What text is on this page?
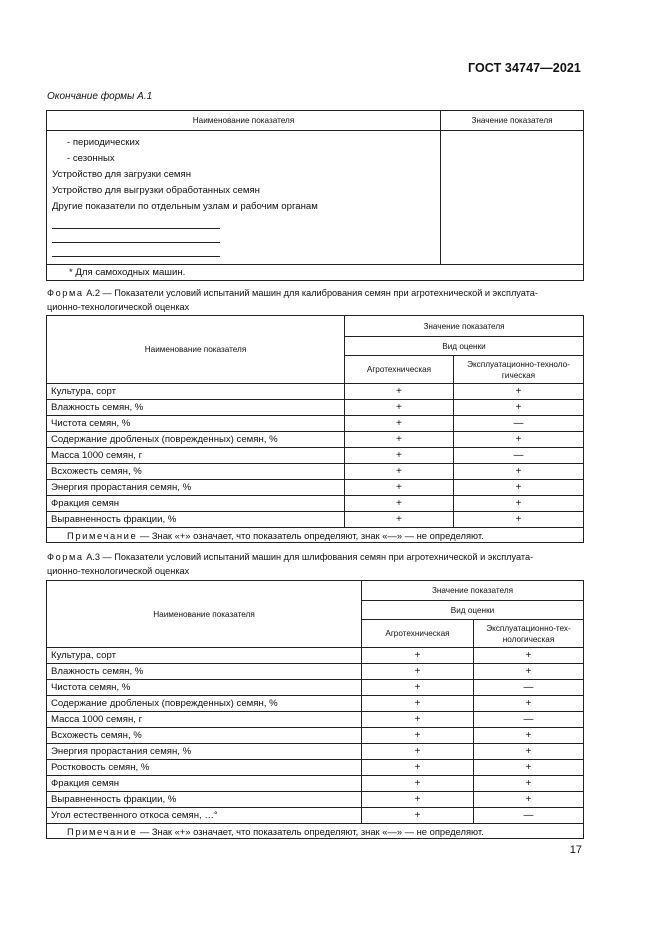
ГОСТ 34747—2021
Окончание формы А.1
Наименование показателя	Значение показателя

- периодических
- сезонных
Устройство для загрузки семян
Устройство для выгрузки обработанных семян
Другие показатели по отдельным узлам и рабочим органам	

* Для самоходных машин.	
Форма А.2 — Показатели условий испытаний машин для калибрования семян при агротехнической и эксплуата-
ционно-технологической оценках
Наименование показателя	Значение показателя	
	Вид оценки	
	Агротехническая	Эксплуатационно-техноло-
гическая
Культура, сорт	+	+
Влажность семян, %	+	+
Чистота семян, %	+	—
Содержание дробленых (поврежденных) семян, %	+	+
Масса 1000 семян, г	+	—
Всхожесть семян, %	+	+
Энергия прорастания семян, %	+	+
Фракция семян	+	+
Выравненность фракции, %	+	+
Примечание — Знак «+» означает, что показатель определяют, знак «—» — не определяют.		
Форма А.3 — Показатели условий испытаний машин для шлифования семян при агротехнической и эксплуата-
ционно-технологической оценках
Наименование показателя	Значение показателя	
	Вид оценки	
	Агротехническая	Эксплуатационно-тех-
нологическая
Культура, сорт	+	+
Влажность семян, %	+	+
Чистота семян, %	+	—
Содержание дробленых (поврежденных) семян, %	+	+
Масса 1000 семян, г	+	—
Всхожесть семян, %	+	+
Энергия прорастания семян, %	+	+
Ростковость семян, %	+	+
Фракция семян	+	+
Выравненность фракции, %	+	+
Угол естественного откоса семян, …°	+	—
Примечание — Знак «+» означает, что показатель определяют, знак «—» — не определяют.		
17
